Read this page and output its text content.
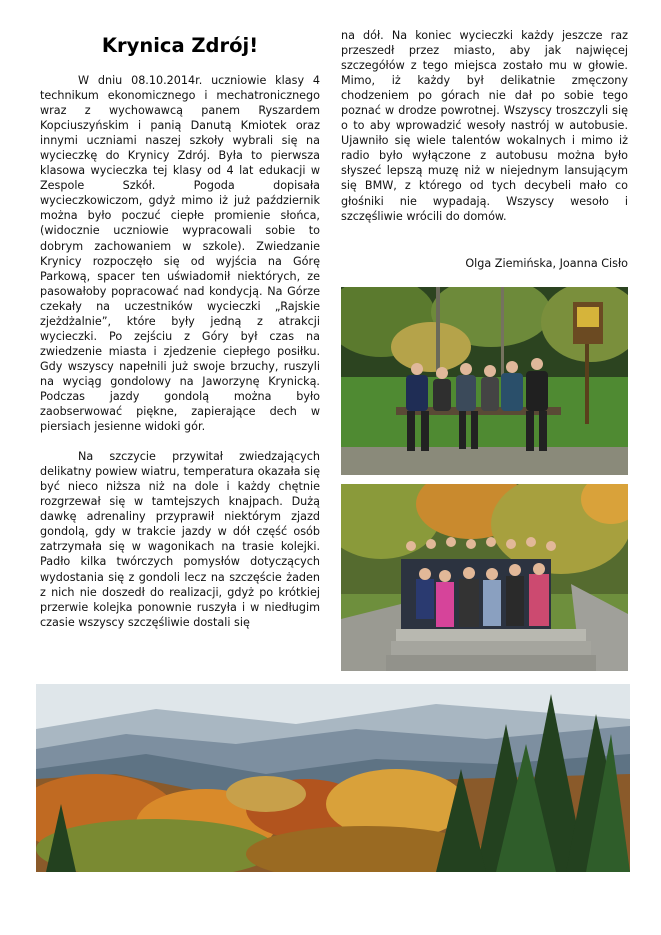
Krynica Zdrój!

W dniu 08.10.2014r. uczniowie klasy 4 technikum ekonomicznego i mechatronicznego wraz z wychowawcą panem Ryszardem Kopciuszyńskim i panią Danutą Kmiotek oraz innymi uczniami naszej szkoły wybrali się na wycieczkę do Krynicy Zdrój. Była to pierwsza klasowa wycieczka tej klasy od 4 lat edukacji w Zespole Szkół. Pogoda dopisała wycieczkowiczom, gdyż mimo iż już październik można było poczuć ciepłe promienie słońca, (widocznie uczniowie wypracowali sobie to dobrym zachowaniem w szkole). Zwiedzanie Krynicy rozpoczęło się od wyjścia na Górę Parkową, spacer ten uświadomił niektórych, ze pasowałoby popracować nad kondycją. Na Górze czekały na uczestników wycieczki „Rajskie zjeżdżalnie”, które były jedną z atrakcji wycieczki. Po zejściu z Góry był czas na zwiedzenie miasta i zjedzenie ciepłego posiłku. Gdy wszyscy napełnili już swoje brzuchy, ruszyli na wyciąg gondolowy na Jaworzynę Krynicką. Podczas jazdy gondolą można było zaobserwować piękne, zapierające dech w piersiach jesienne widoki gór.

Na szczycie przywitał zwiedzających delikatny powiew wiatru, temperatura okazała się być nieco niższa niż na dole i każdy chętnie rozgrzewał się w tamtejszych knajpach. Dużą dawkę adrenaliny przyprawił niektórym zjazd gondolą, gdy w trakcie jazdy w dół część osób zatrzymała się w wagonikach na trasie kolejki. Padło kilka twórczych pomysłów dotyczących wydostania się z gondoli lecz na szczęście żaden z nich nie doszedł do realizacji, gdyż po krótkiej przerwie kolejka ponownie ruszyła i w niedługim czasie wszyscy szczęśliwie dostali się

na dół. Na koniec wycieczki każdy jeszcze raz przeszedł przez miasto, aby jak najwięcej szczegółów z tego miejsca zostało mu w głowie. Mimo, iż każdy był delikatnie zmęczony chodzeniem po górach nie dał po sobie tego poznać w drodze powrotnej. Wszyscy troszczyli się o to aby wprowadzić wesoły nastrój w autobusie. Ujawniło się wiele talentów wokalnych i mimo iż radio było wyłączone z autobusu można było słyszeć lepszą muzę niż w niejednym lansującym się BMW, z którego od tych decybeli mało co głośniki nie wypadają. Wszyscy wesoło i szczęśliwie wrócili do domów.

Olga Ziemińska, Joanna Cisło
